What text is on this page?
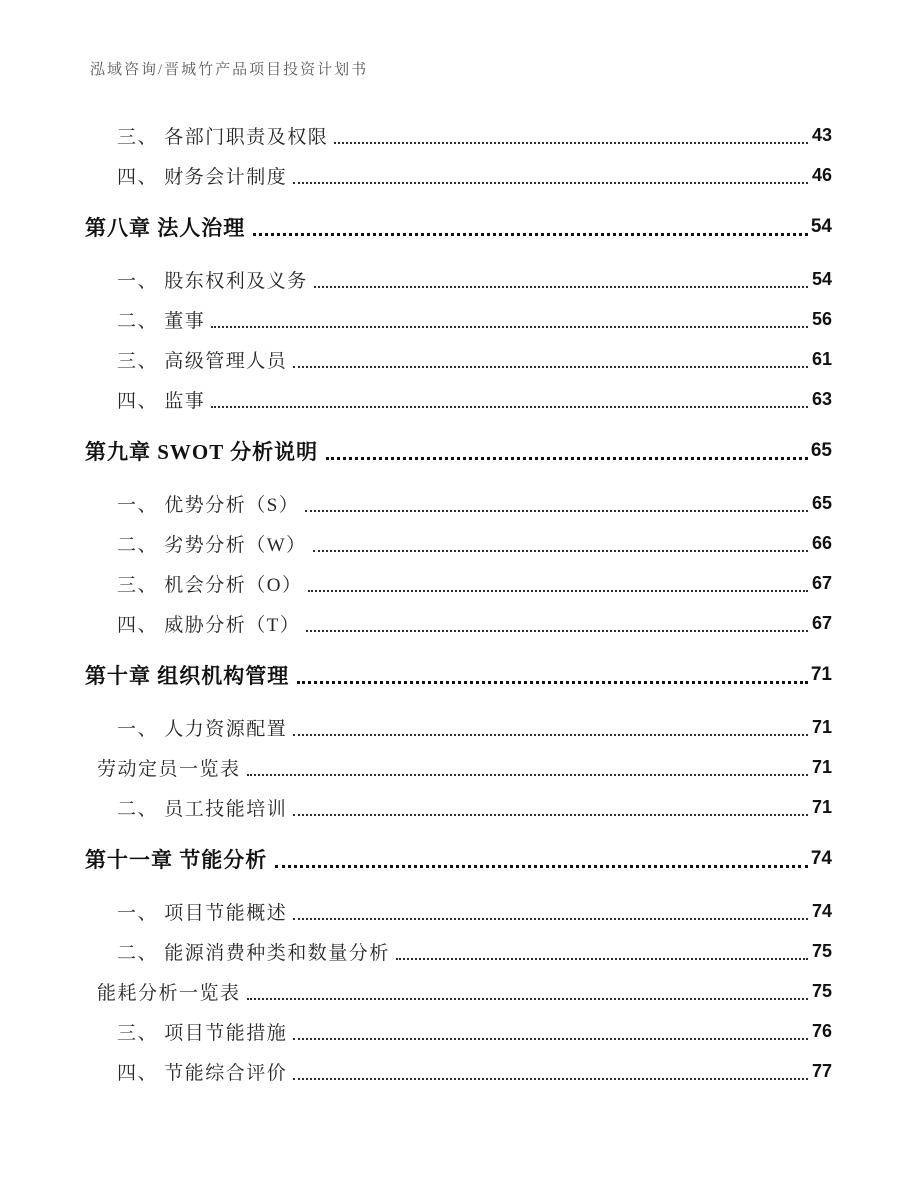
泓域咨询/晋城竹产品项目投资计划书
三、 各部门职责及权限	43
四、 财务会计制度	46
第八章 法人治理	54
一、 股东权利及义务	54
二、 董事	56
三、 高级管理人员	61
四、 监事	63
第九章 SWOT 分析说明	65
一、 优势分析（S）	65
二、 劣势分析（W）	66
三、 机会分析（O）	67
四、 威胁分析（T）	67
第十章 组织机构管理	71
一、 人力资源配置	71
劳动定员一览表	71
二、 员工技能培训	71
第十一章 节能分析	74
一、 项目节能概述	74
二、 能源消费种类和数量分析	75
能耗分析一览表	75
三、 项目节能措施	76
四、 节能综合评价	77
